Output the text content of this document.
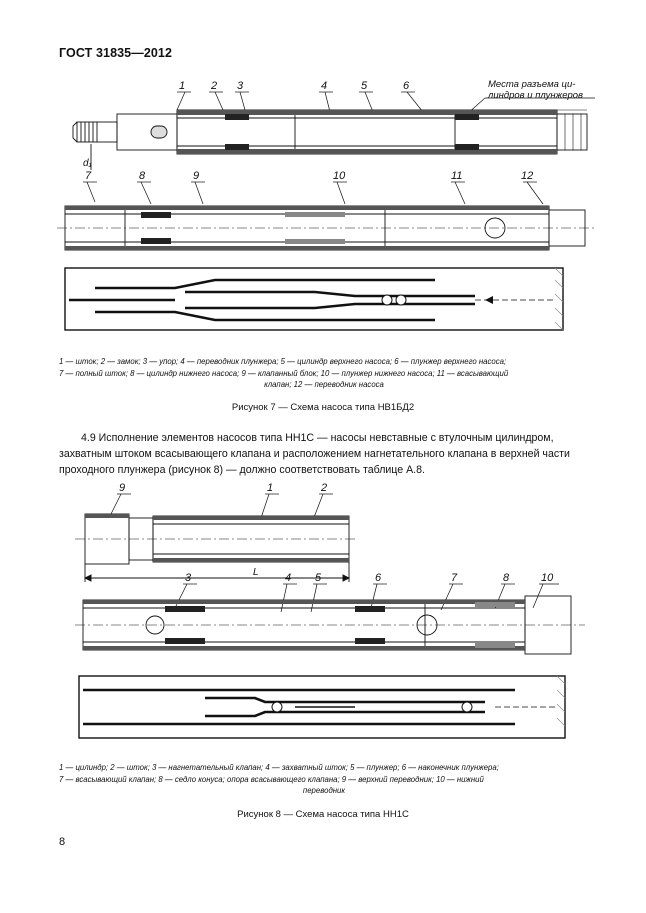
ГОСТ 31835—2012
1 2 3	4	5	6	Места разъема ци-
линдров и плунжеров
d₁
7	8	9	10	11	12
1 — шток; 2 — замок; 3 — упор; 4 — переводник плунжера; 5 — цилиндр верхнего насоса; 6 — плунжер верхнего насоса;
7 — полный шток; 8 — цилиндр нижнего насоса; 9 — клапанный блок; 10 — плунжер нижнего насоса; 11 — всасывающий
клапан; 12 — переводник насоса
Рисунок 7 — Схема насоса типа НВ1БД2
4.9 Исполнение элементов насосов типа НН1С — насосы невставные с втулочным цилиндром,
захватным штоком всасывающего клапана и расположением нагнетательного клапана в верхней части
проходного плунжера (рисунок 8) — должно соответствовать таблице А.8.
9	1	2
L
3	4 5	6	7	8	10
1 — цилиндр; 2 — шток; 3 — нагнетательный клапан; 4 — захватный шток; 5 — плунжер; 6 — наконечник плунжера;
7 — всасывающий клапан; 8 — седло конуса; опора всасывающего клапана; 9 — верхний переводник; 10 — нижний
переводник
Рисунок 8 — Схема насоса типа НН1С
8
